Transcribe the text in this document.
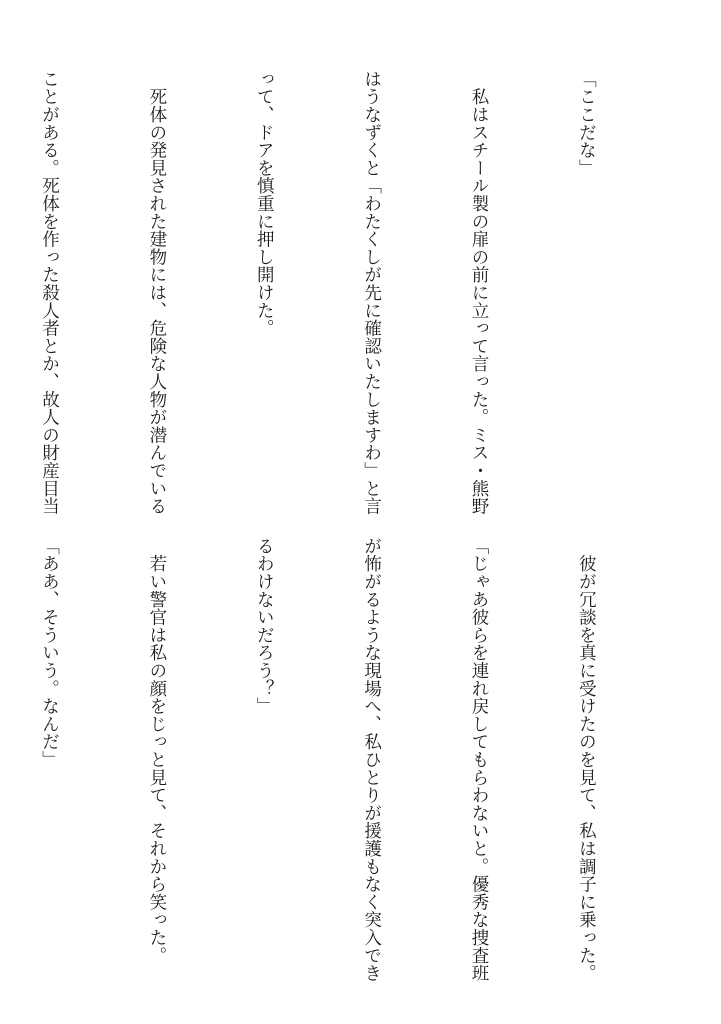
「ここだな」

　私はスチール製の扉の前に立って言った。ミス・熊野

はうなずくと「わたくしが先に確認いたしますわ」と言

って、ドアを慎重に押し開けた。

　死体の発見された建物には、危険な人物が潜んでいる

ことがある。死体を作った殺人者とか、故人の財産目当

　彼が冗談を真に受けたのを見て、私は調子に乗った。

「じゃあ彼らを連れ戻してもらわないと。優秀な捜査班

が怖がるような現場へ、私ひとりが援護もなく突入でき

るわけないだろう？」

　若い警官は私の顔をじっと見て、それから笑った。

「ああ、そういう。なんだ」
